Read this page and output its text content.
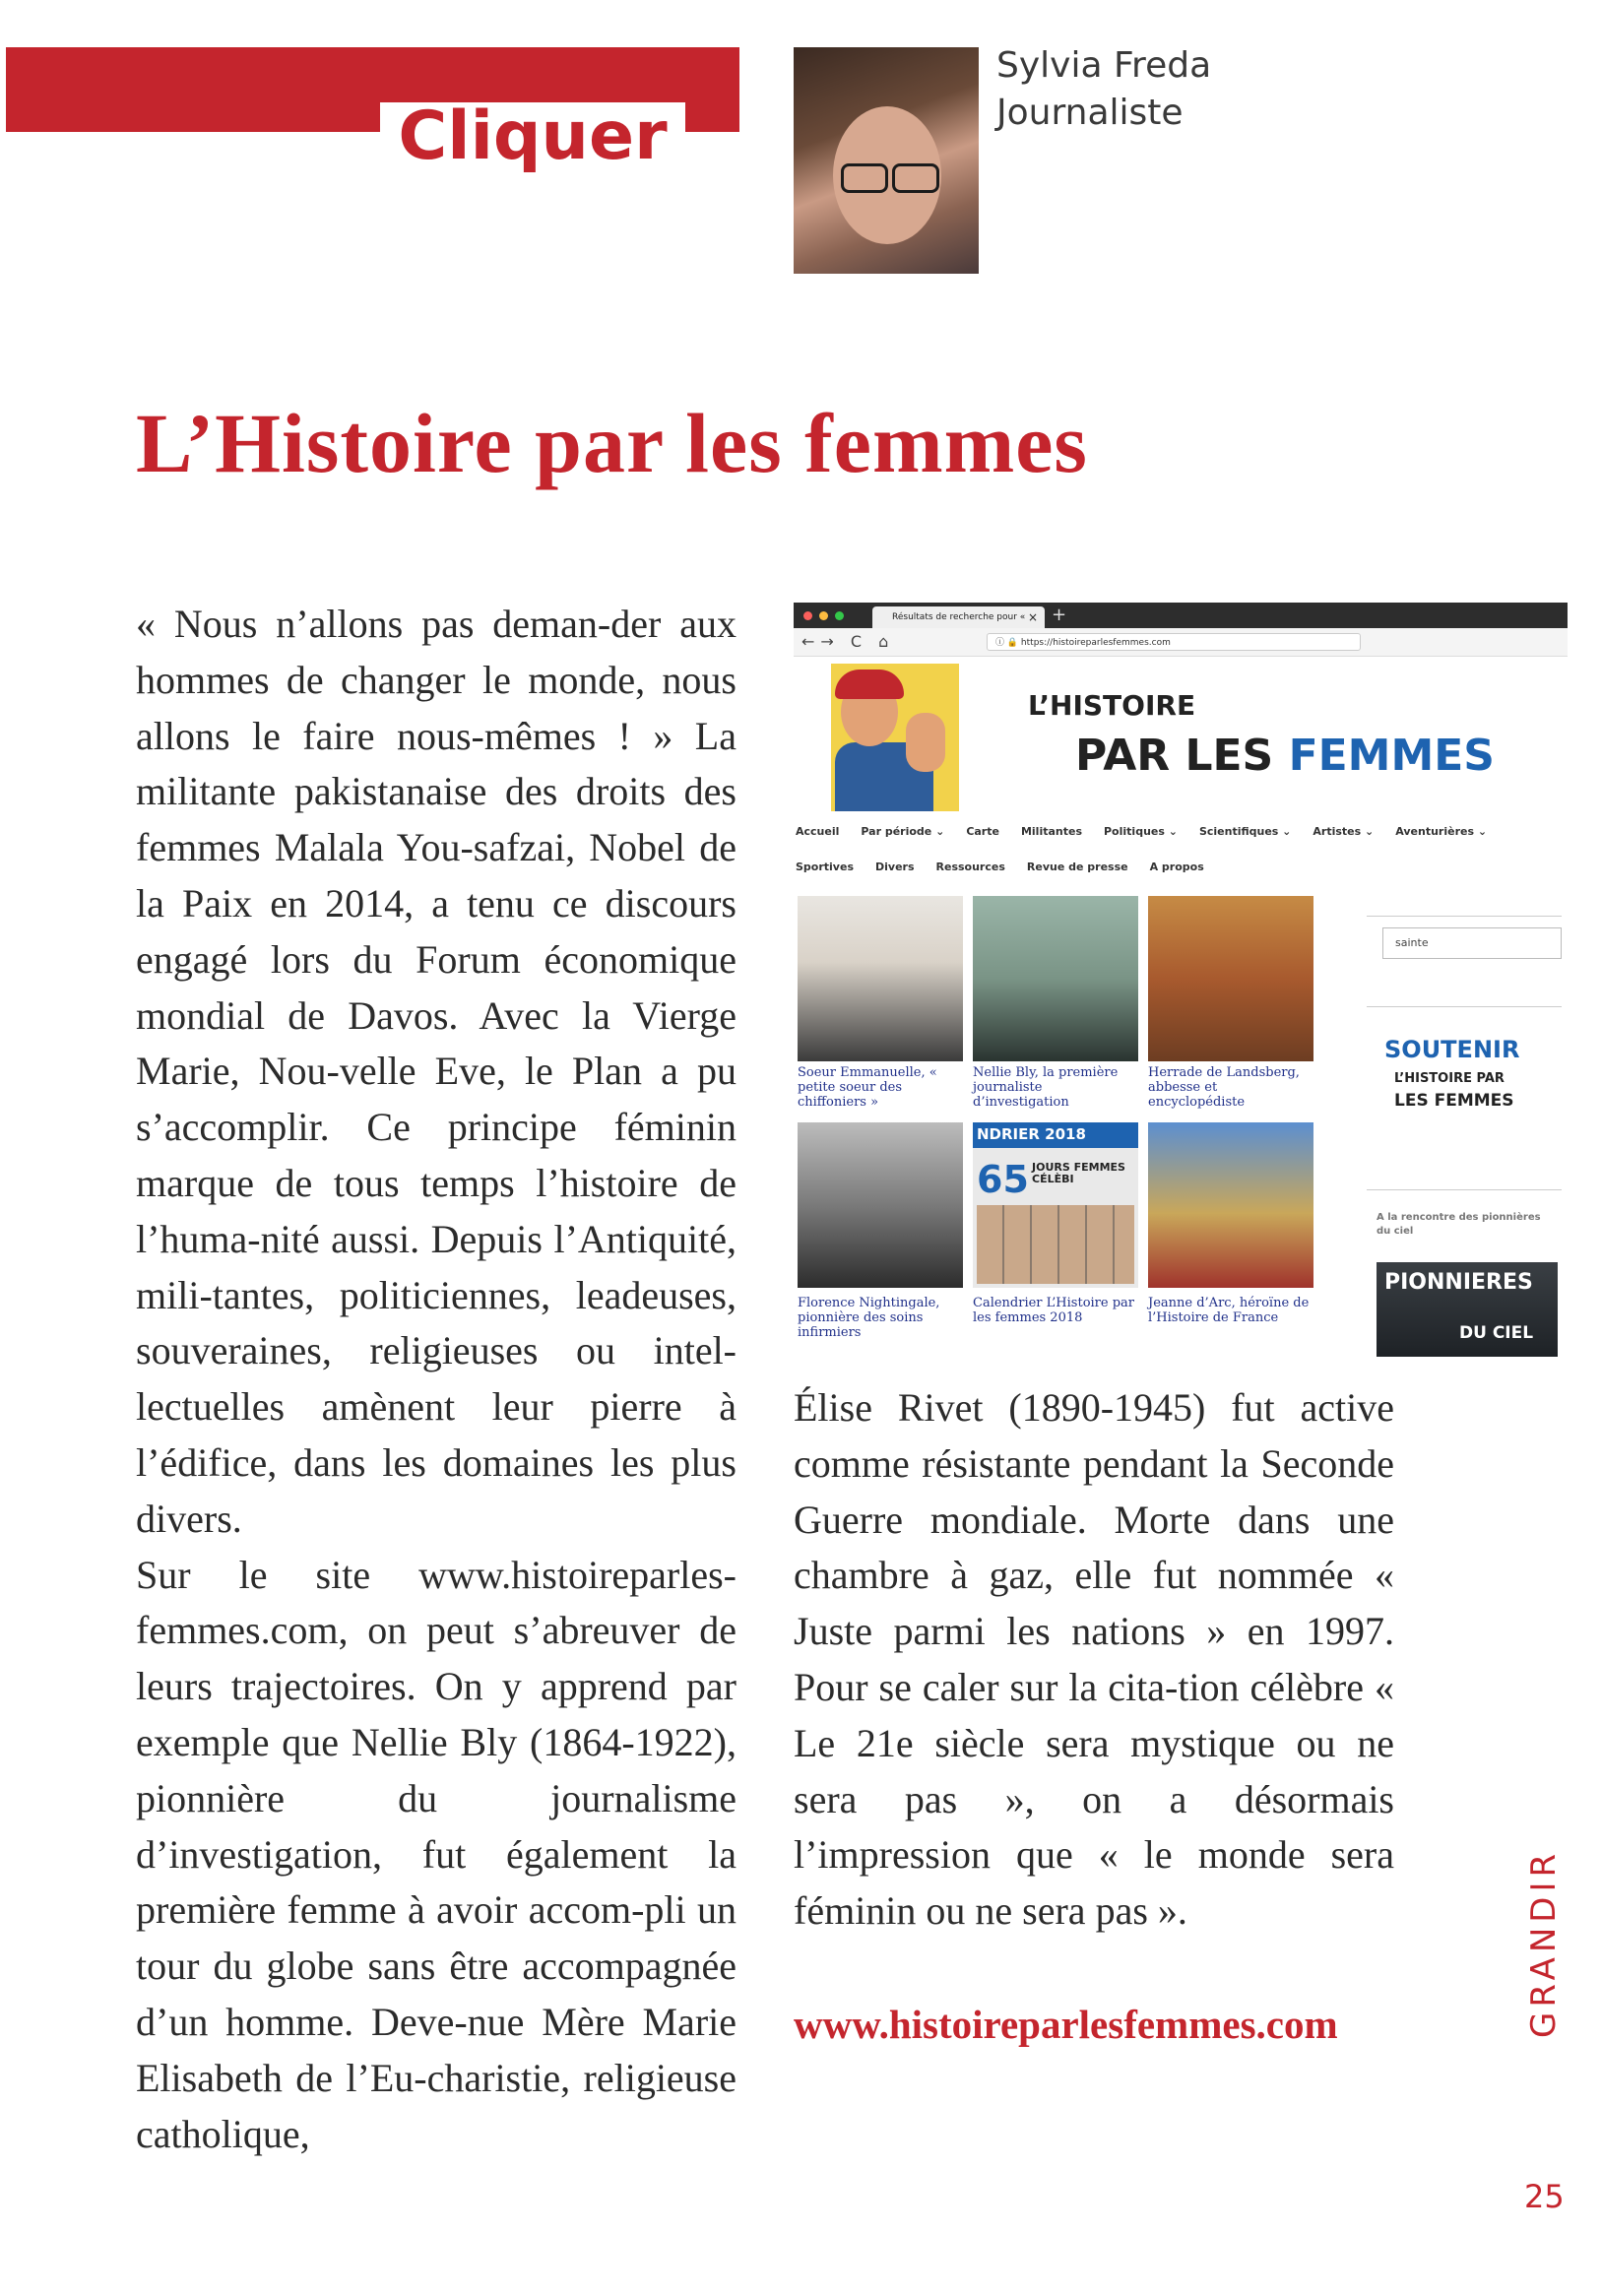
Cliquer
Sylvia Freda
Journaliste
L’Histoire par les femmes

« Nous n’allons pas deman-der aux hommes de changer le monde, nous allons le faire nous-mêmes ! » La militante pakistanaise des droits des femmes Malala You-safzai, Nobel de la Paix en 2014, a tenu ce discours engagé lors du Forum économique mondial de Davos. Avec la Vierge Marie, Nou-velle Eve, le Plan a pu s’accomplir. Ce principe féminin marque de tous temps l’histoire de l’huma-nité aussi. Depuis l’Antiquité, mili-tantes, politiciennes, leadeuses, souveraines, religieuses ou intel-lectuelles amènent leur pierre à l’édifice, dans les domaines les plus divers.

Sur le site www.histoireparles-femmes.com, on peut s’abreuver de leurs trajectoires. On y apprend par exemple que Nellie Bly (1864-1922), pionnière du journalisme d’investigation, fut également la première femme à avoir accom-pli un tour du globe sans être accompagnée d’un homme. Deve-nue Mère Marie Elisabeth de l’Eu-charistie, religieuse catholique,

Résultats de recherche pour « × +
←→ C ⌂	ⓘ 🔒 https://histoireparlesfemmes.com
L’HISTOIRE
PAR LES FEMMES
Accueil Par période ⌄ Carte Militantes Politiques ⌄ Scientifiques ⌄ Artistes ⌄ Aventurières ⌄
Sportives Divers Ressources Revue de presse A propos
NDRIER 2018
65 JOURS FEMMES CÉLÈBI
Soeur Emmanuelle, « petite soeur des chiffoniers »
Nellie Bly, la première journaliste d’investigation
Herrade de Landsberg, abbesse et encyclopédiste
Florence Nightingale, pionnière des soins infirmiers
Calendrier L’Histoire par les femmes 2018
Jeanne d’Arc, héroïne de l’Histoire de France
sainte
SOUTENIR
L’HISTOIRE PAR
LES FEMMES
A la rencontre des pionnières du ciel
PIONNIERES
DU CIEL

Élise Rivet (1890-1945) fut active comme résistante pendant la Seconde Guerre mondiale. Morte dans une chambre à gaz, elle fut nommée « Juste parmi les nations » en 1997. Pour se caler sur la cita-tion célèbre « Le 21e siècle sera mystique ou ne sera pas », on a désormais l’impression que « le monde sera féminin ou ne sera pas ».

www.histoireparlesfemmes.com	GRANDIR
25
